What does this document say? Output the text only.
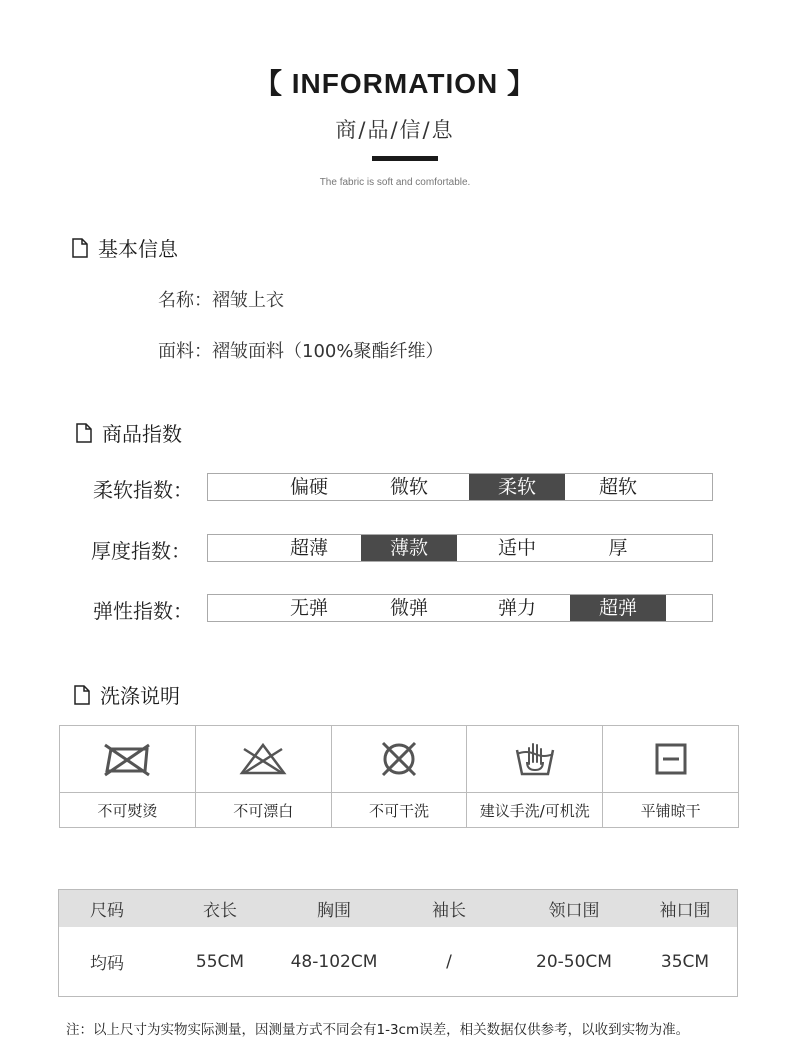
【 INFORMATION 】
商/品/信/息
The fabric is soft and comfortable.
基本信息
名称：褶皱上衣
面料：褶皱面料（100%聚酯纤维）
商品指数
柔软指数：	偏硬	微软	柔软	超软
厚度指数：	超薄	薄款	适中	厚
弹性指数：	无弹	微弹	弹力	超弹
洗涤说明
不可熨烫	不可漂白	不可干洗	建议手洗/可机洗	平铺晾干
尺码	衣长	胸围	袖长	领口围	袖口围
均码	55CM	48-102CM	/	20-50CM	35CM
注：以上尺寸为实物实际测量，因测量方式不同会有1-3cm误差，相关数据仅供参考，以收到实物为准。
